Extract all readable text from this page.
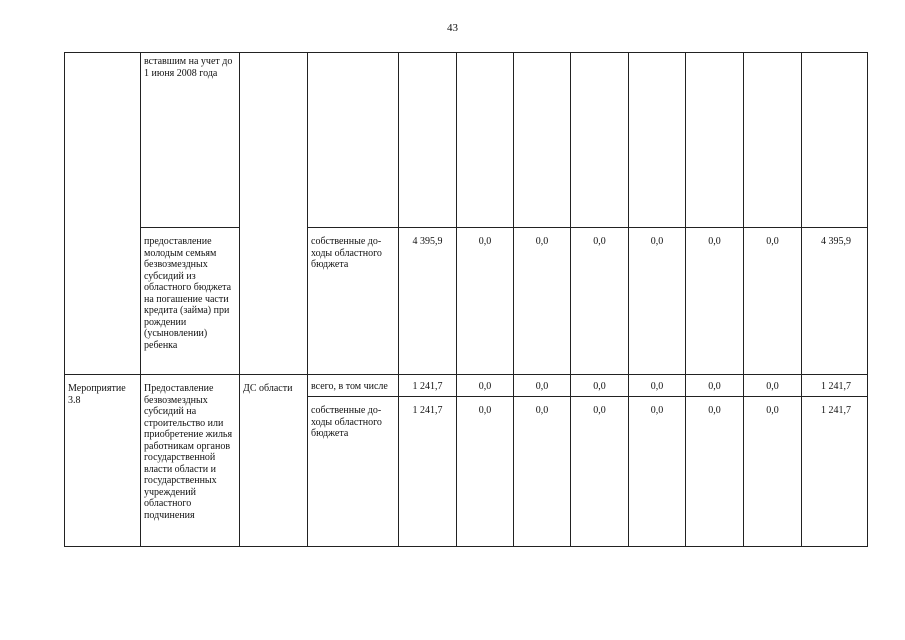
43
	вставшим на учет до 1 июня 2008 года										
	предоставление молодым семьям безвозмездных субсидий из областного бюджета на погашение части кредита (займа) при рождении (усыновлении) ребенка		собственные до-ходы областного бюджета	4 395,9	0,0	0,0	0,0	0,0	0,0	0,0	4 395,9
Мероприятие 3.8	Предоставление безвозмездных субсидий на строительство или приобретение жилья работникам органов государственной власти области и государственных учреждений областного подчинения	ДС области	всего, в том числе	1 241,7	0,0	0,0	0,0	0,0	0,0	0,0	1 241,7
			собственные до-ходы областного бюджета	1 241,7	0,0	0,0	0,0	0,0	0,0	0,0	1 241,7
